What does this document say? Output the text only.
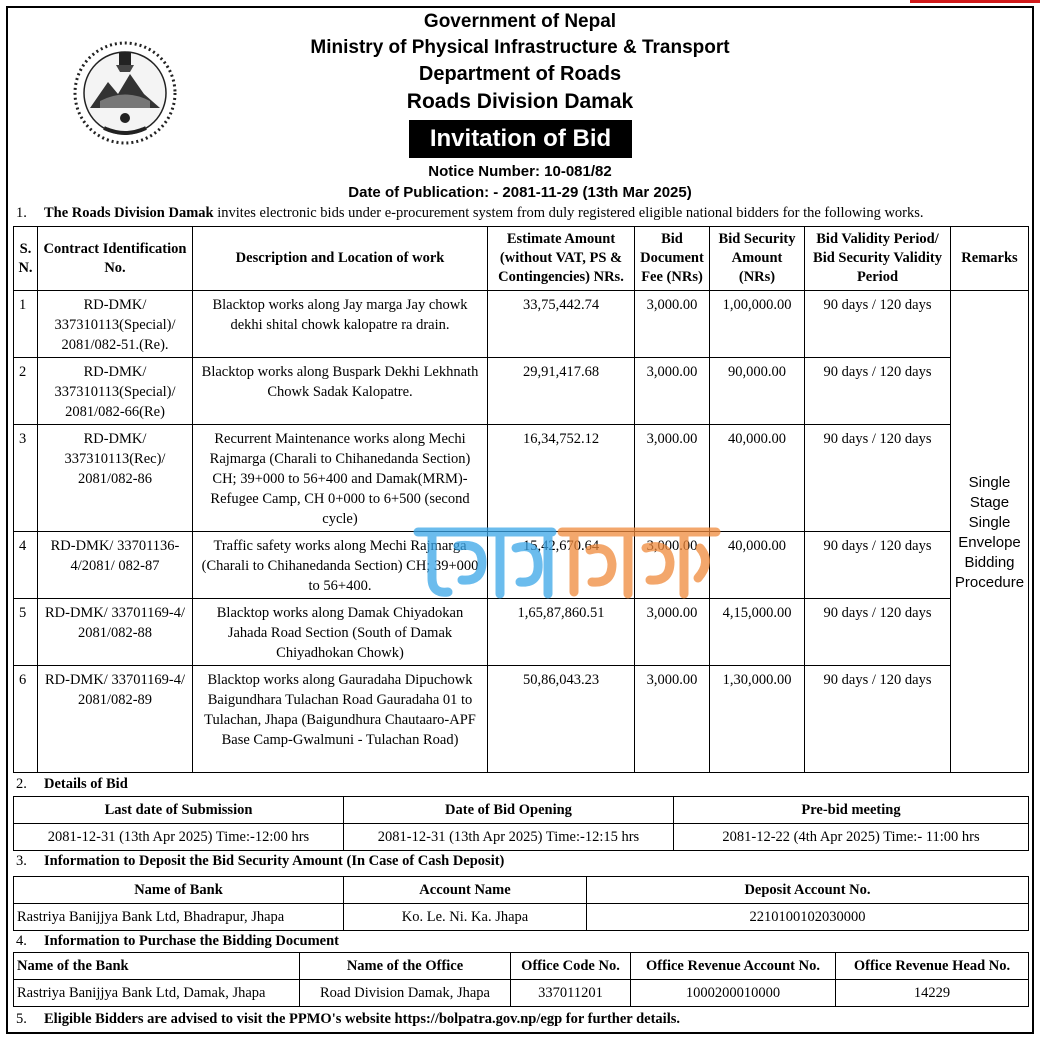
Government of Nepal
Ministry of Physical Infrastructure & Transport
Department of Roads
Roads Division Damak
Invitation of Bid
Notice Number: 10-081/82
Date of Publication: - 2081-11-29 (13th Mar 2025)
1. The Roads Division Damak invites electronic bids under e-procurement system from duly registered eligible national bidders for the following works.
S. N.	Contract Identification No.	Description and Location of work	Estimate Amount (without VAT, PS & Contingencies) NRs.	Bid Document Fee (NRs)	Bid Security Amount (NRs)	Bid Validity Period/ Bid Security Validity Period	Remarks
1	RD-DMK/ 337310113(Special)/ 2081/082-51.(Re).	Blacktop works along Jay marga Jay chowk dekhi shital chowk kalopatre ra drain.	33,75,442.74	3,000.00	1,00,000.00	90 days / 120 days	Single Stage Single Envelope Bidding Procedure
2	RD-DMK/ 337310113(Special)/ 2081/082-66(Re)	Blacktop works along Buspark Dekhi Lekhnath Chowk Sadak Kalopatre.	29,91,417.68	3,000.00	90,000.00	90 days / 120 days	
3	RD-DMK/ 337310113(Rec)/ 2081/082-86	Recurrent Maintenance works along Mechi Rajmarga (Charali to Chihanedanda Section) CH; 39+000 to 56+400 and Damak(MRM)- Refugee Camp, CH 0+000 to 6+500 (second cycle)	16,34,752.12	3,000.00	40,000.00	90 days / 120 days	
4	RD-DMK/ 33701136-4/2081/ 082-87	Traffic safety works along Mechi Rajmarga (Charali to Chihanedanda Section) CH; 39+000 to 56+400.	15,42,670.64	3,000.00	40,000.00	90 days / 120 days	
5	RD-DMK/ 33701169-4/ 2081/082-88	Blacktop works along Damak Chiyadokan Jahada Road Section (South of Damak Chiyadhokan Chowk)	1,65,87,860.51	3,000.00	4,15,000.00	90 days / 120 days	
6	RD-DMK/ 33701169-4/ 2081/082-89	Blacktop works along Gauradaha Dipuchowk Baigundhara Tulachan Road Gauradaha 01 to Tulachan, Jhapa (Baigundhura Chautaaro-APF Base Camp-Gwalmuni - Tulachan Road)	50,86,043.23	3,000.00	1,30,000.00	90 days / 120 days	
2. Details of Bid
Last date of Submission	Date of Bid Opening	Pre-bid meeting
2081-12-31 (13th Apr 2025) Time:-12:00 hrs	2081-12-31 (13th Apr 2025) Time:-12:15 hrs	2081-12-22 (4th Apr 2025) Time:- 11:00 hrs
3. Information to Deposit the Bid Security Amount (In Case of Cash Deposit)
Name of Bank	Account Name	Deposit Account No.
Rastriya Banijjya Bank Ltd, Bhadrapur, Jhapa	Ko. Le. Ni. Ka. Jhapa	2210100102030000
4. Information to Purchase the Bidding Document
Name of the Bank	Name of the Office	Office Code No.	Office Revenue Account No.	Office Revenue Head No.
Rastriya Banijjya Bank Ltd, Damak, Jhapa	Road Division Damak, Jhapa	337011201	1000200010000	14229
5. Eligible Bidders are advised to visit the PPMO's website https://bolpatra.gov.np/egp for further details.
